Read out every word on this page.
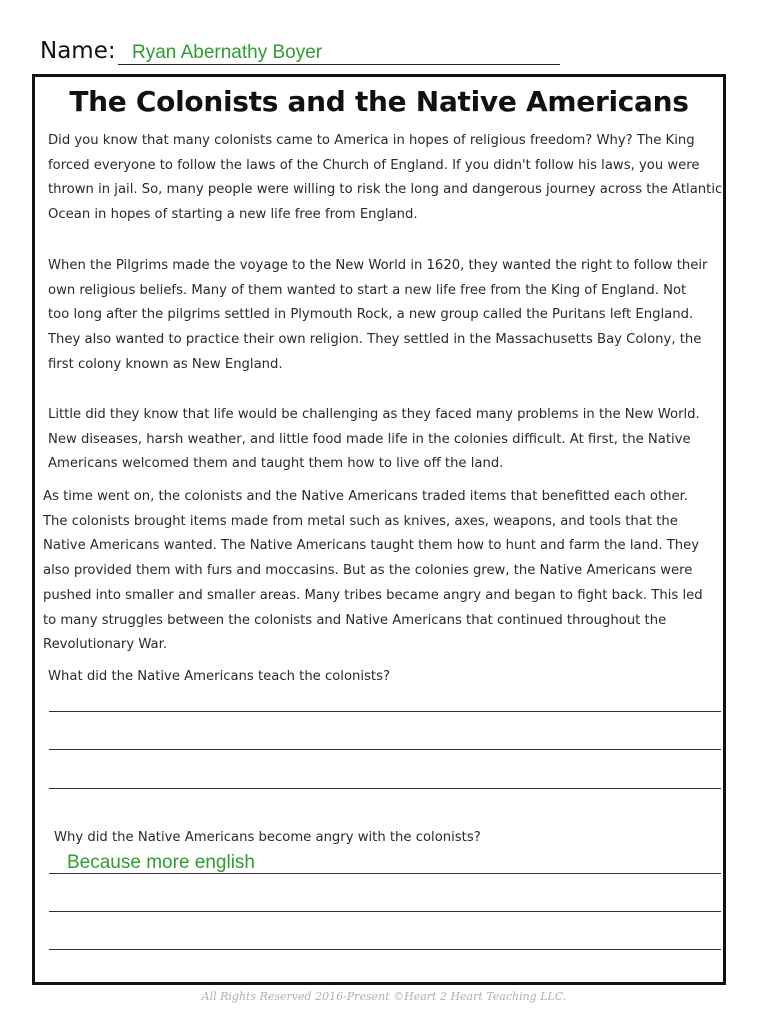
Name: Ryan Abernathy Boyer
The Colonists and the Native Americans

Did you know that many colonists came to America in hopes of religious freedom? Why? The King
forced everyone to follow the laws of the Church of England. If you didn't follow his laws, you were
thrown in jail. So, many people were willing to risk the long and dangerous journey across the Atlantic
Ocean in hopes of starting a new life free from England.

When the Pilgrims made the voyage to the New World in 1620, they wanted the right to follow their
own religious beliefs. Many of them wanted to start a new life free from the King of England. Not
too long after the pilgrims settled in Plymouth Rock, a new group called the Puritans left England.
They also wanted to practice their own religion. They settled in the Massachusetts Bay Colony, the
first colony known as New England.

Little did they know that life would be challenging as they faced many problems in the New World.
New diseases, harsh weather, and little food made life in the colonies difficult. At first, the Native
Americans welcomed them and taught them how to live off the land.

As time went on, the colonists and the Native Americans traded items that benefitted each other.
The colonists brought items made from metal such as knives, axes, weapons, and tools that the
Native Americans wanted. The Native Americans taught them how to hunt and farm the land. They
also provided them with furs and moccasins. But as the colonies grew, the Native Americans were
pushed into smaller and smaller areas. Many tribes became angry and began to fight back. This led
to many struggles between the colonists and Native Americans that continued throughout the
Revolutionary War.

What did the Native Americans teach the colonists?
Why did the Native Americans become angry with the colonists?
Because more english
All Rights Reserved 2016-Present ©Heart 2 Heart Teaching LLC.
